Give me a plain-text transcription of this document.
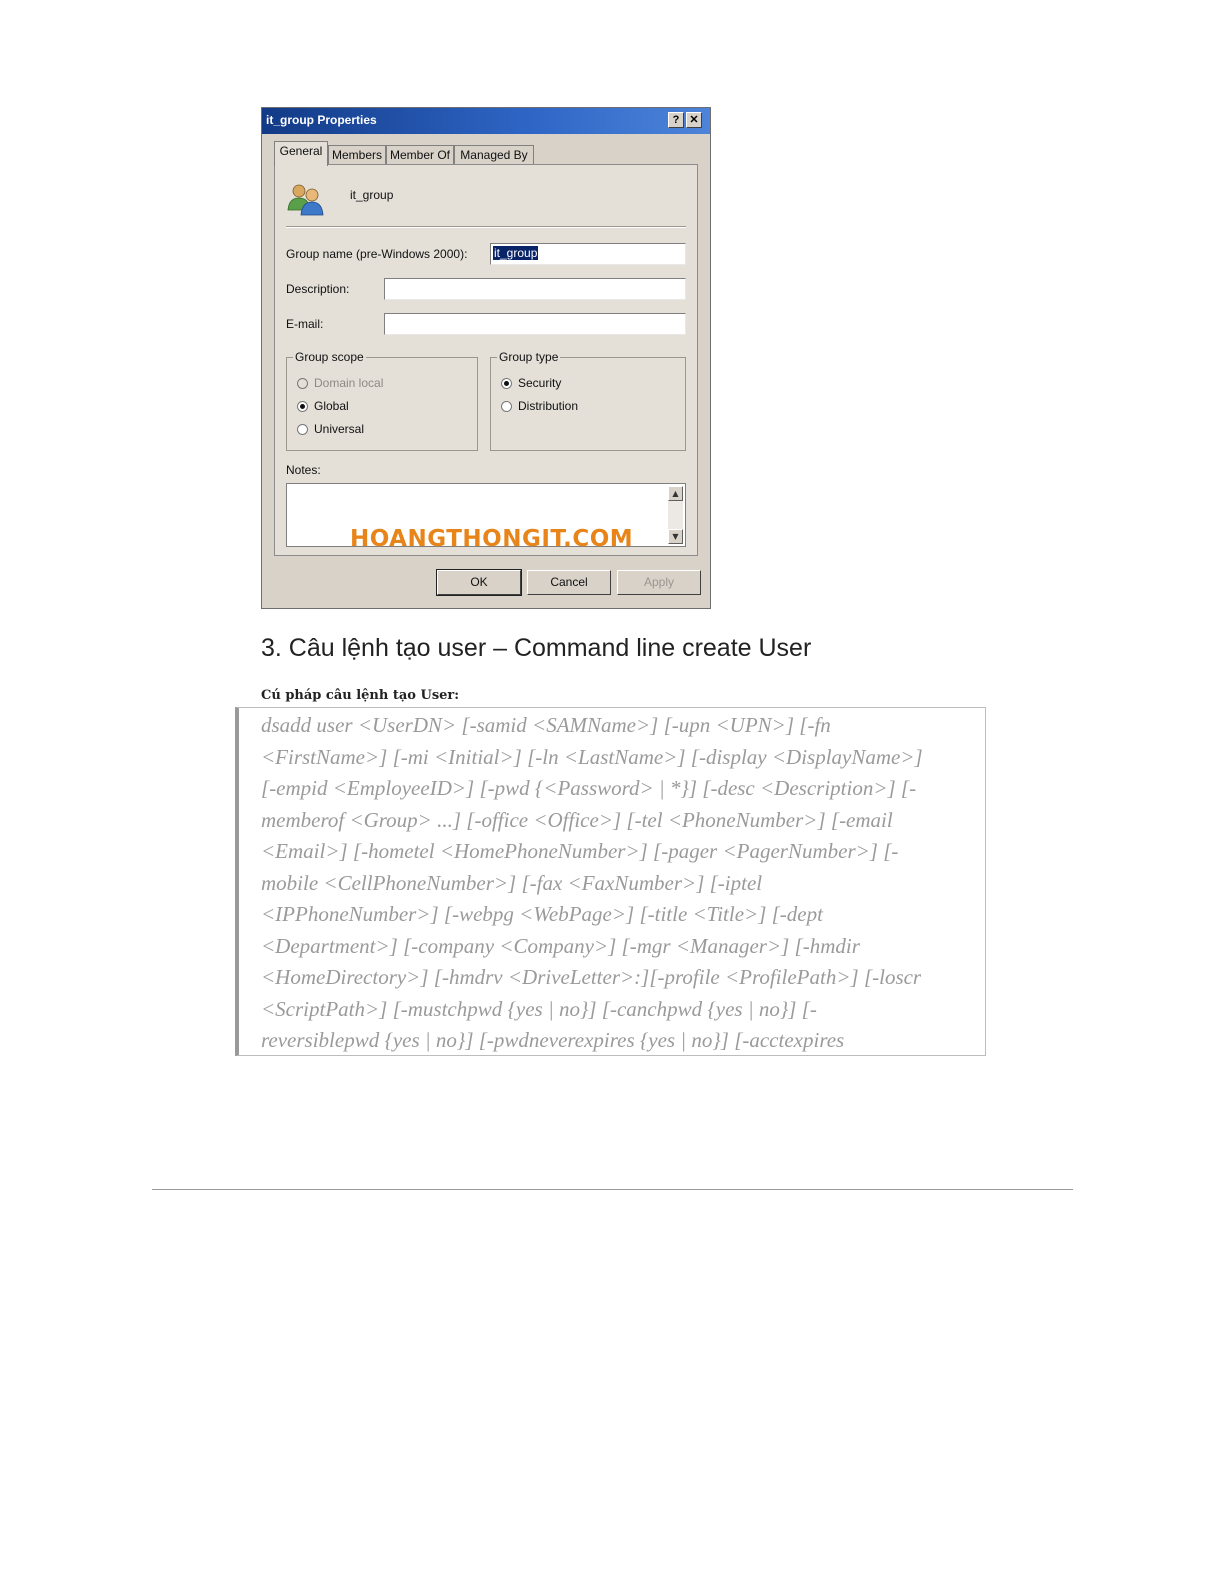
it_group Properties	? ✕
General Members Member Of Managed By
it_group
Group name (pre-Windows 2000):	it_group
Description:
E-mail:
Group scope
Domain local
Global
Universal
Group type
Security
Distribution
Notes:
▲
▼
HOANGTHONGIT.COM
OK	Cancel	Apply
3. Câu lệnh tạo user – Command line create User
Cú pháp câu lệnh tạo User:
dsadd user <UserDN> [-samid <SAMName>] [-upn <UPN>] [-fn
<FirstName>] [-mi <Initial>] [-ln <LastName>] [-display <DisplayName>]
[-empid <EmployeeID>] [-pwd {<Password> | *}] [-desc <Description>] [-
memberof <Group> ...] [-office <Office>] [-tel <PhoneNumber>] [-email
<Email>] [-hometel <HomePhoneNumber>] [-pager <PagerNumber>] [-
mobile <CellPhoneNumber>] [-fax <FaxNumber>] [-iptel
<IPPhoneNumber>] [-webpg <WebPage>] [-title <Title>] [-dept
<Department>] [-company <Company>] [-mgr <Manager>] [-hmdir
<HomeDirectory>] [-hmdrv <DriveLetter>:][-profile <ProfilePath>] [-loscr
<ScriptPath>] [-mustchpwd {yes | no}] [-canchpwd {yes | no}] [-
reversiblepwd {yes | no}] [-pwdneverexpires {yes | no}] [-acctexpires
